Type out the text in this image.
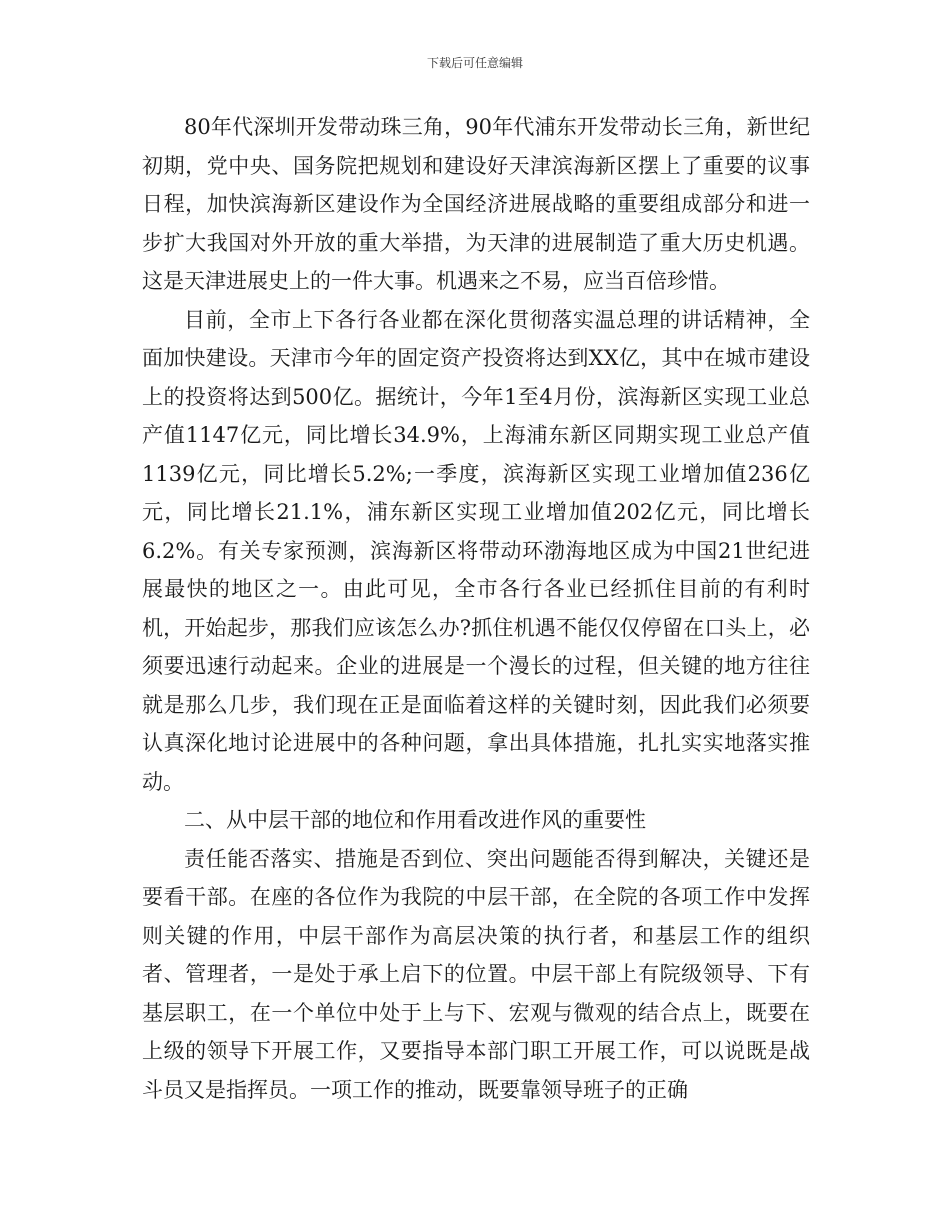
下载后可任意编辑

80年代深圳开发带动珠三角，90年代浦东开发带动长三角，新世纪初期，党中央、国务院把规划和建设好天津滨海新区摆上了重要的议事日程，加快滨海新区建设作为全国经济进展战略的重要组成部分和进一步扩大我国对外开放的重大举措，为天津的进展制造了重大历史机遇。这是天津进展史上的一件大事。机遇来之不易，应当百倍珍惜。

目前，全市上下各行各业都在深化贯彻落实温总理的讲话精神，全面加快建设。天津市今年的固定资产投资将达到XX亿，其中在城市建设上的投资将达到500亿。据统计，今年1至4月份，滨海新区实现工业总产值1147亿元，同比增长34.9%，上海浦东新区同期实现工业总产值1139亿元，同比增长5.2%;一季度，滨海新区实现工业增加值236亿元，同比增长21.1%，浦东新区实现工业增加值202亿元，同比增长6.2%。有关专家预测，滨海新区将带动环渤海地区成为中国21世纪进展最快的地区之一。由此可见，全市各行各业已经抓住目前的有利时机，开始起步，那我们应该怎么办?抓住机遇不能仅仅停留在口头上，必须要迅速行动起来。企业的进展是一个漫长的过程，但关键的地方往往就是那么几步，我们现在正是面临着这样的关键时刻，因此我们必须要认真深化地讨论进展中的各种问题，拿出具体措施，扎扎实实地落实推动。

二、从中层干部的地位和作用看改进作风的重要性

责任能否落实、措施是否到位、突出问题能否得到解决，关键还是要看干部。在座的各位作为我院的中层干部，在全院的各项工作中发挥则关键的作用，中层干部作为高层决策的执行者，和基层工作的组织者、管理者，一是处于承上启下的位置。中层干部上有院级领导、下有基层职工，在一个单位中处于上与下、宏观与微观的结合点上，既要在上级的领导下开展工作，又要指导本部门职工开展工作，可以说既是战斗员又是指挥员。一项工作的推动，既要靠领导班子的正确
